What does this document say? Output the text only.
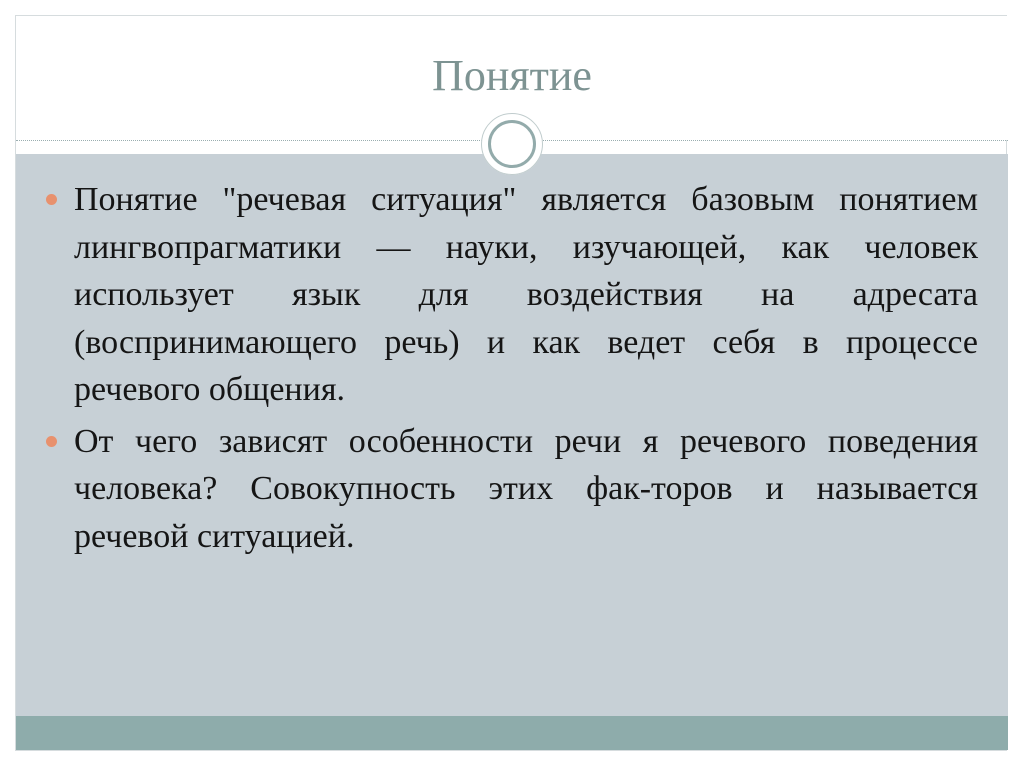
Понятие
Понятие "речевая ситуация" является базовым понятием лингвопрагматики — науки, изучающей, как человек использует язык для воздействия на адресата (воспринимающего речь) и как ведет себя в процессе речевого общения.
От чего зависят особенности речи я речевого поведения человека? Совокупность этих фак-торов и называется речевой ситуацией.
